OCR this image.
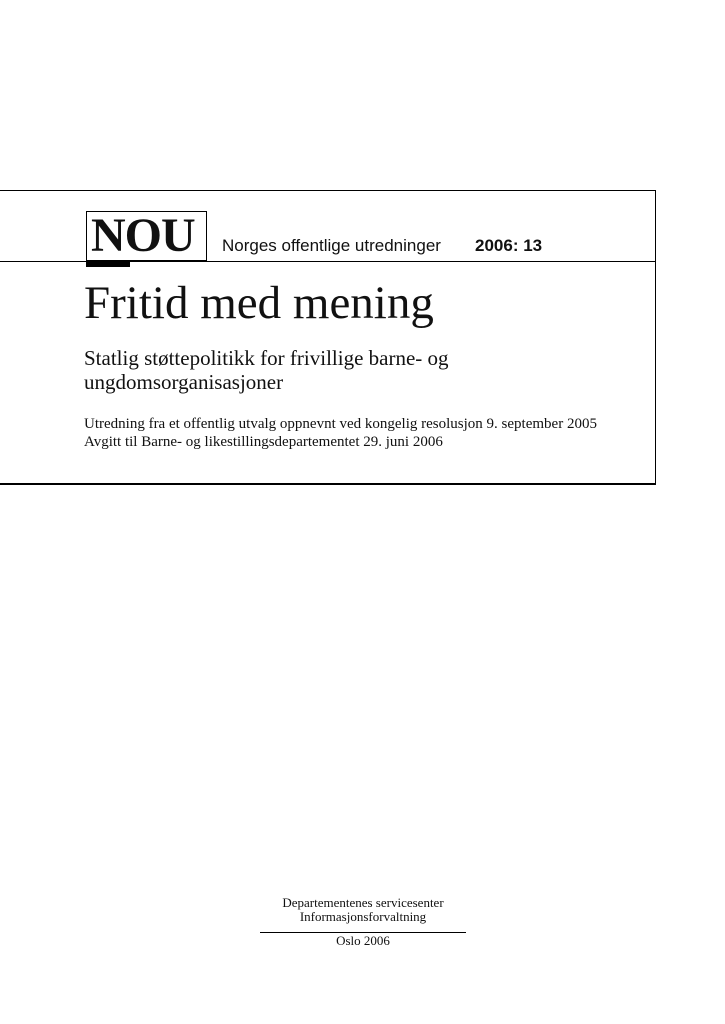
NOU Norges offentlige utredninger 2006: 13
Fritid med mening
Statlig støttepolitikk for frivillige barne- og
ungdomsorganisasjoner
Utredning fra et offentlig utvalg oppnevnt ved kongelig resolusjon 9. september 2005
Avgitt til Barne- og likestillingsdepartementet 29. juni 2006
Departementenes servicesenter
Informasjonsforvaltning
Oslo 2006
